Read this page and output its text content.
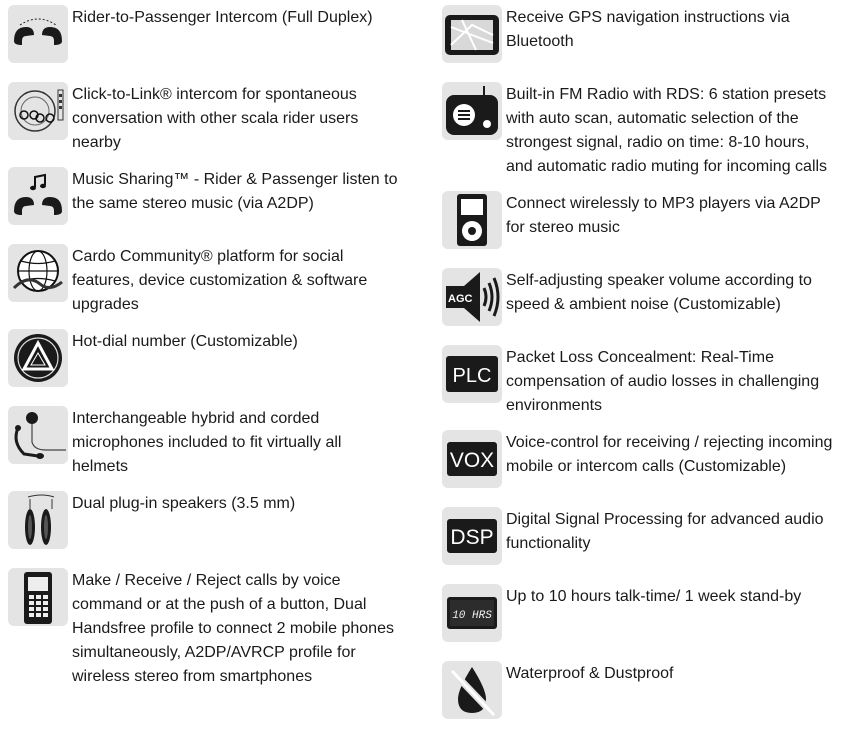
Rider-to-Passenger Intercom (Full Duplex)
Click-to-Link® intercom for spontaneous conversation with other scala rider users nearby
Music Sharing™ - Rider & Passenger listen to the same stereo music (via A2DP)
Cardo Community® platform for social features, device customization & software upgrades
Hot-dial number (Customizable)
Interchangeable hybrid and corded microphones included to fit virtually all helmets
Dual plug-in speakers (3.5 mm)
Make / Receive / Reject calls by voice command or at the push of a button, Dual Handsfree profile to connect 2 mobile phones simultaneously, A2DP/AVRCP profile for wireless stereo from smartphones
Receive GPS navigation instructions via Bluetooth
Built-in FM Radio with RDS: 6 station presets with auto scan, automatic selection of the strongest signal, radio on time: 8-10 hours, and automatic radio muting for incoming calls
Connect wirelessly to MP3 players via A2DP for stereo music
AGC
Self-adjusting speaker volume according to speed & ambient noise (Customizable)
PLC
Packet Loss Concealment: Real-Time compensation of audio losses in challenging environments
VOX
Voice-control for receiving / rejecting incoming mobile or intercom calls (Customizable)
DSP
Digital Signal Processing for advanced audio functionality
10 HRS
Up to 10 hours talk-time/ 1 week stand-by
Waterproof & Dustproof
